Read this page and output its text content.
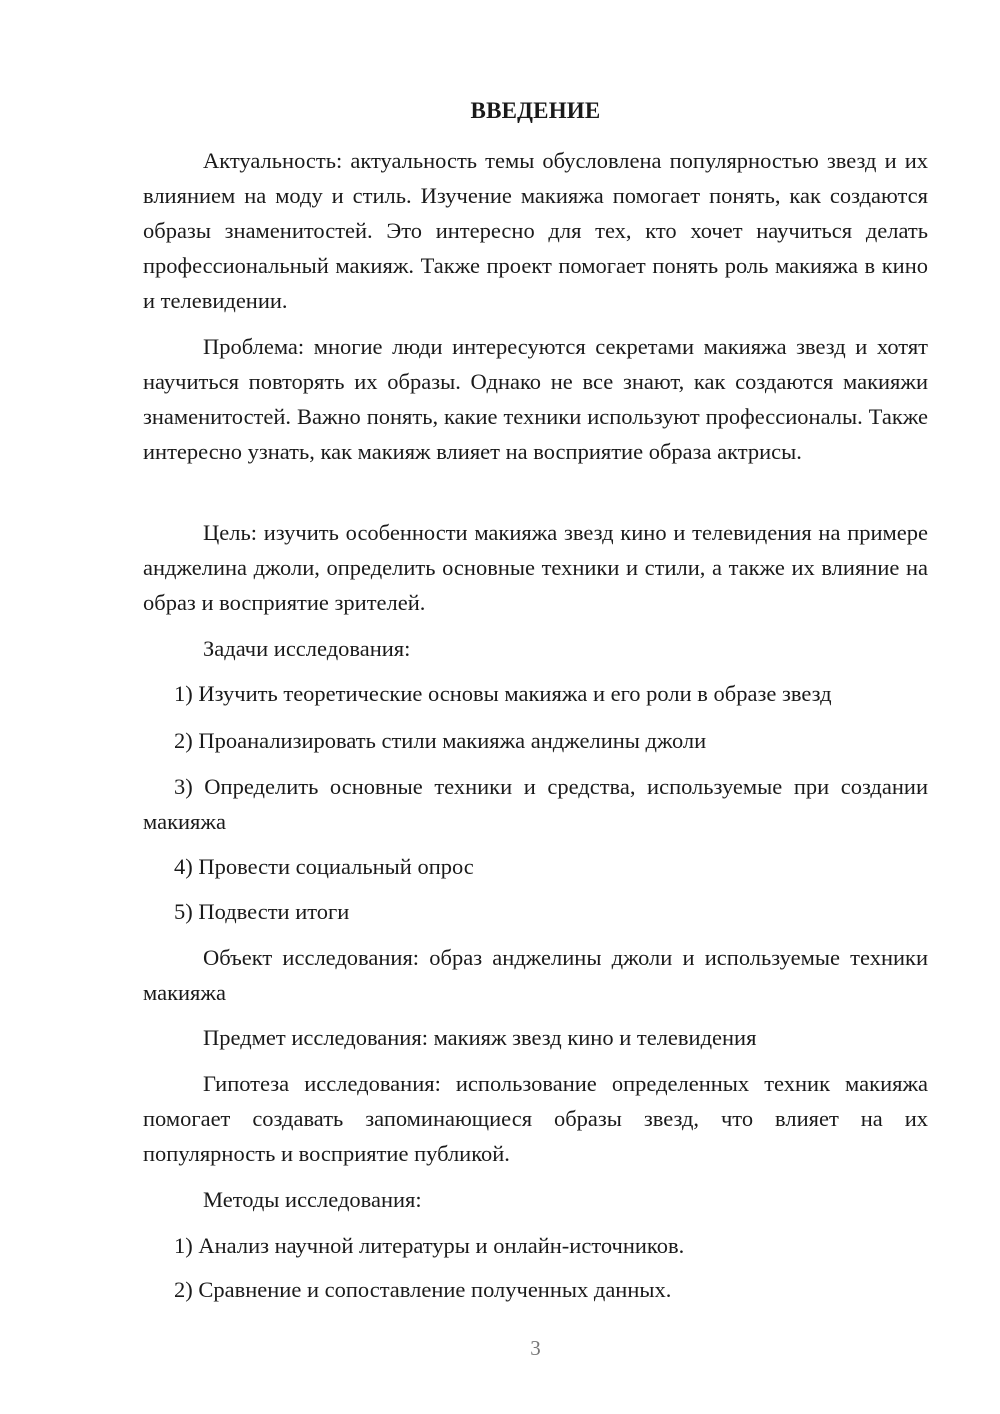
ВВЕДЕНИЕ

Актуальность: актуальность темы обусловлена популярностью звезд и их влиянием на моду и стиль. Изучение макияжа помогает понять, как создаются образы знаменитостей. Это интересно для тех, кто хочет научиться делать профессиональный макияж. Также проект помогает понять роль макияжа в кино и телевидении.

Проблема: многие люди интересуются секретами макияжа звезд и хотят научиться повторять их образы. Однако не все знают, как создаются макияжи знаменитостей. Важно понять, какие техники используют профессионалы. Также интересно узнать, как макияж влияет на восприятие образа актрисы.

Цель: изучить особенности макияжа звезд кино и телевидения на примере анджелина джоли, определить основные техники и стили, а также их влияние на образ и восприятие зрителей.

Задачи исследования:

1) Изучить теоретические основы макияжа и его роли в образе звезд

2) Проанализировать стили макияжа анджелины джоли

3) Определить основные техники и средства, используемые при создании макияжа

4) Провести социальный опрос

5) Подвести итоги

Объект исследования: образ анджелины джоли и используемые техники макияжа

Предмет исследования: макияж звезд кино и телевидения

Гипотеза исследования: использование определенных техник макияжа помогает создавать запоминающиеся образы звезд, что влияет на их популярность и восприятие публикой.

Методы исследования:

1) Анализ научной литературы и онлайн-источников.

2) Сравнение и сопоставление полученных данных.

3
